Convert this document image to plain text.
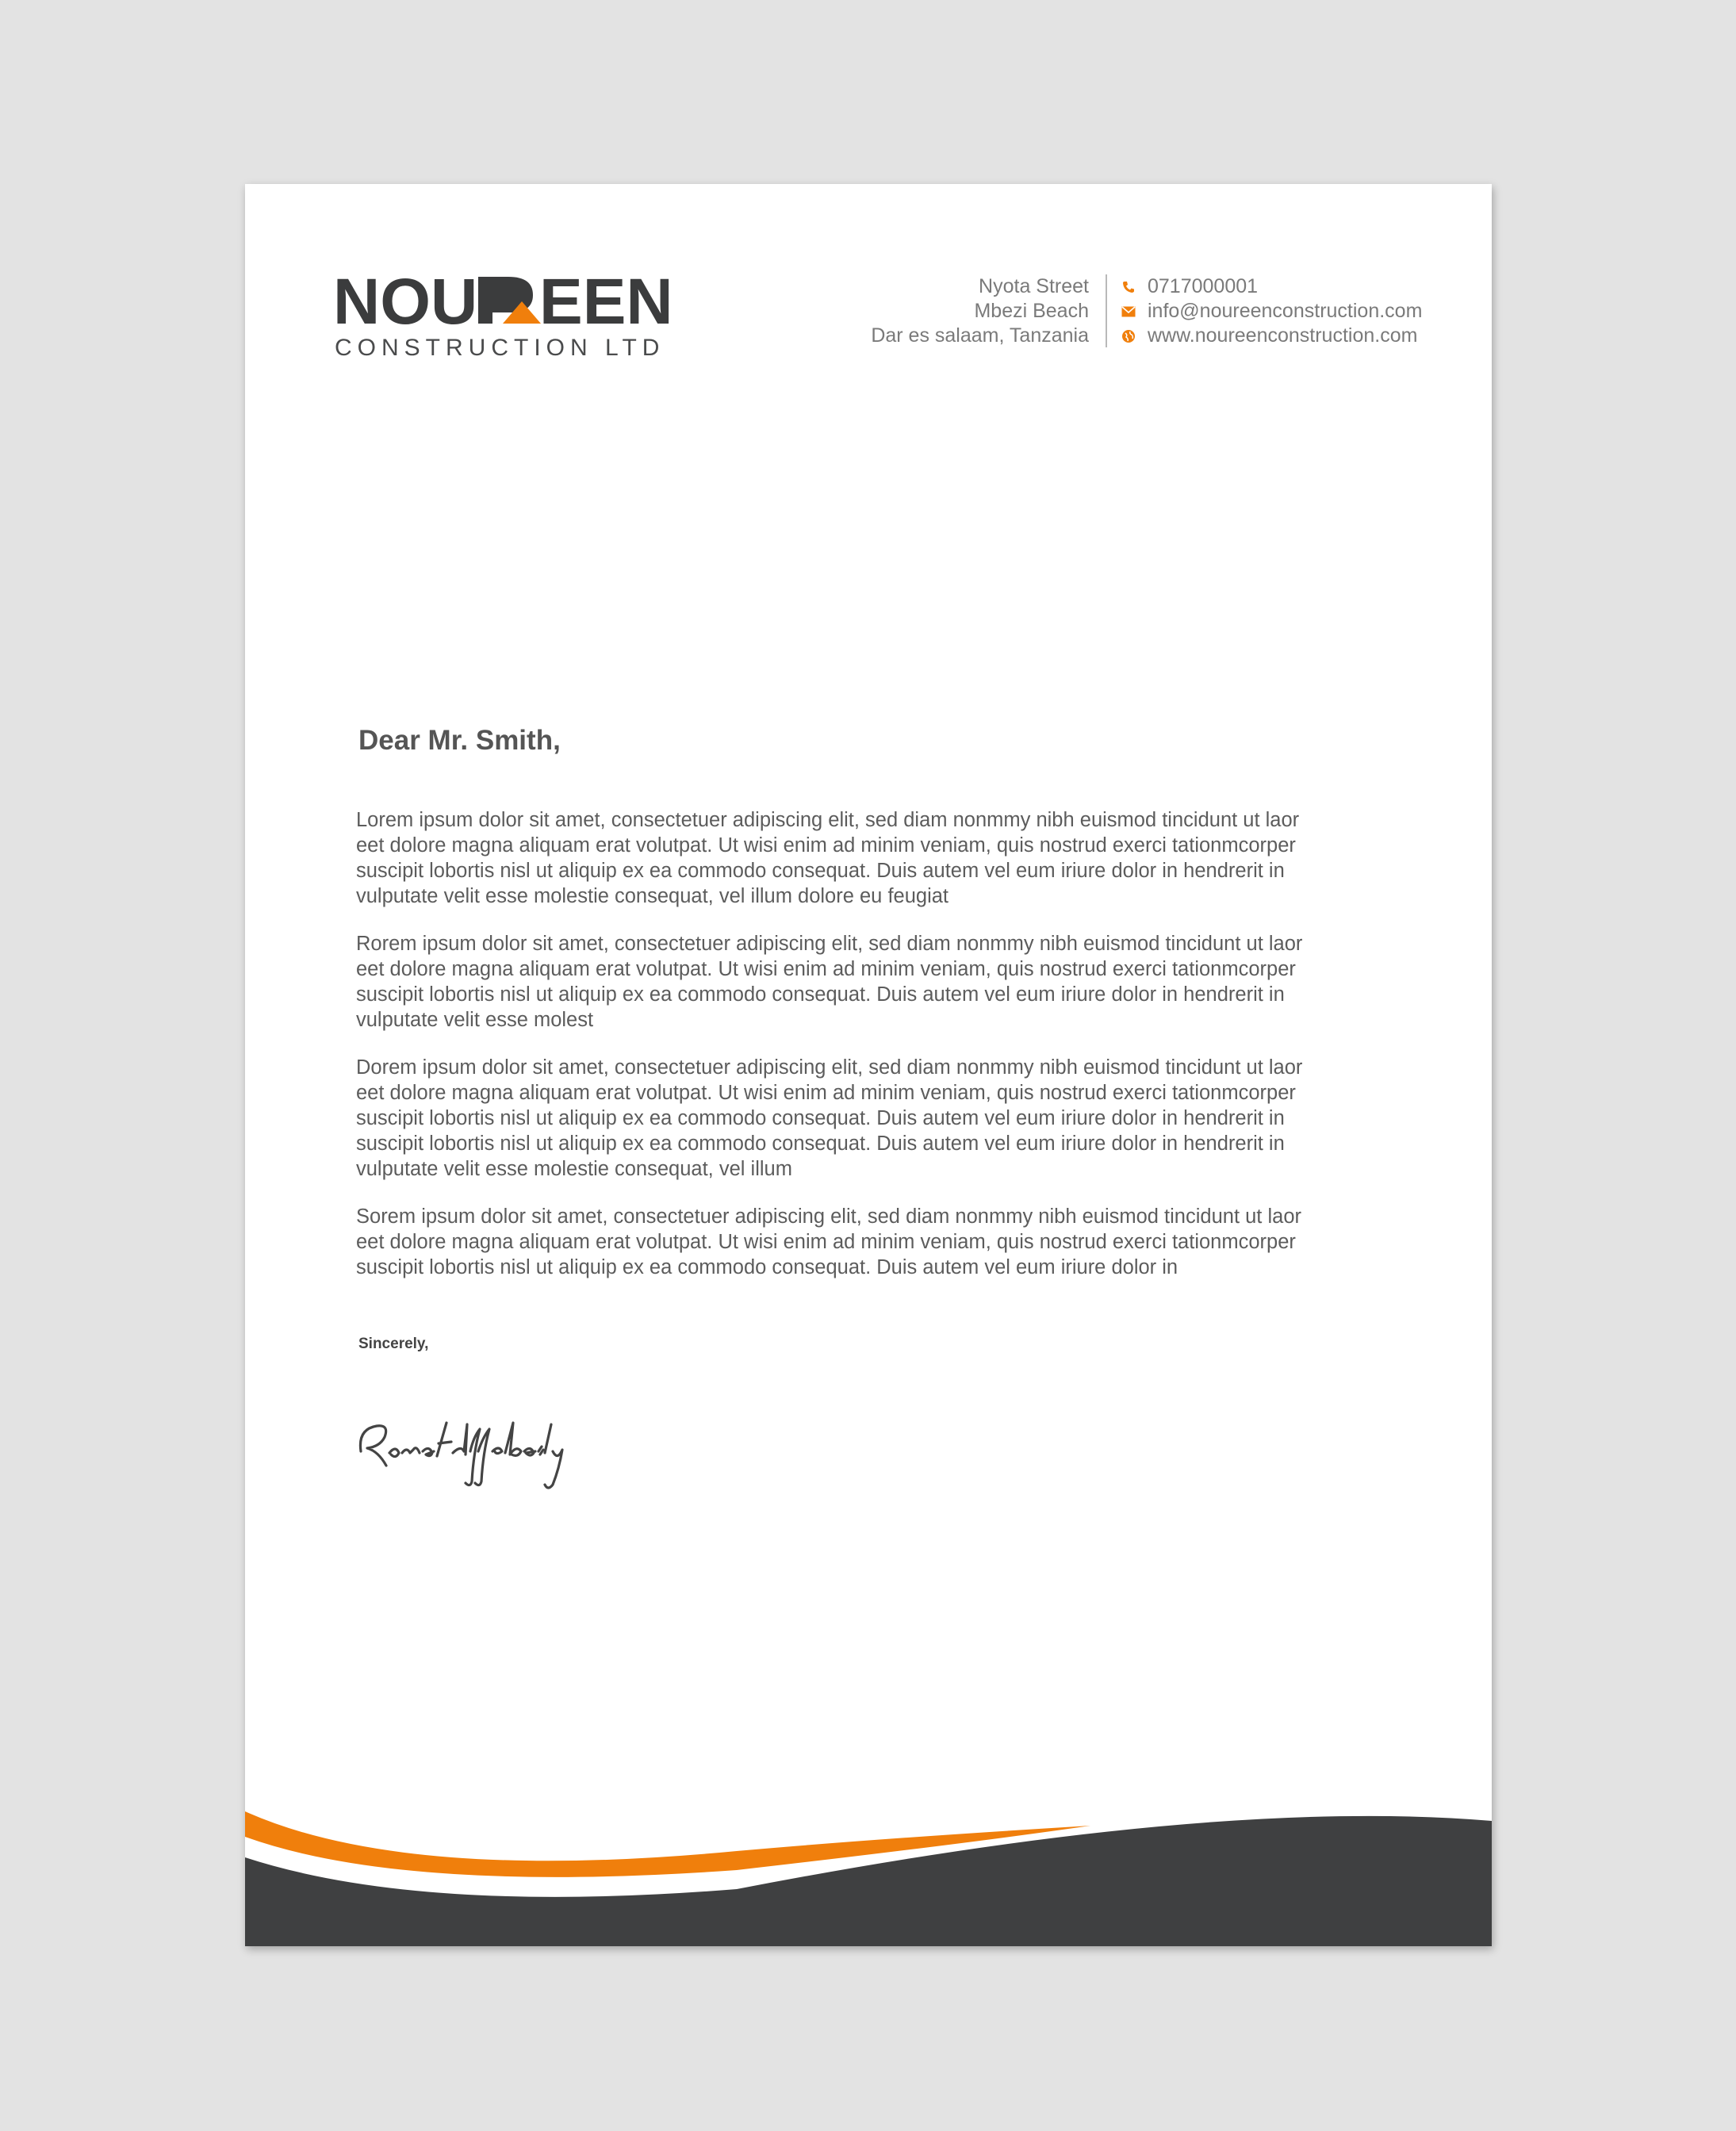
NOU EEN
CONSTRUCTION LTD
Nyota Street
Mbezi Beach
Dar es salaam, Tanzania
0717000001
info@noureenconstruction.com
www.noureenconstruction.com
Dear Mr. Smith,

Lorem ipsum dolor sit amet, consectetuer adipiscing elit, sed diam nonmmy nibh euismod tincidunt ut laor
eet dolore magna aliquam erat volutpat. Ut wisi enim ad minim veniam, quis nostrud exerci tationmcorper
suscipit lobortis nisl ut aliquip ex ea commodo consequat. Duis autem vel eum iriure dolor in hendrerit in
vulputate velit esse molestie consequat, vel illum dolore eu feugiat

Rorem ipsum dolor sit amet, consectetuer adipiscing elit, sed diam nonmmy nibh euismod tincidunt ut laor
eet dolore magna aliquam erat volutpat. Ut wisi enim ad minim veniam, quis nostrud exerci tationmcorper
suscipit lobortis nisl ut aliquip ex ea commodo consequat. Duis autem vel eum iriure dolor in hendrerit in
vulputate velit esse molest

Dorem ipsum dolor sit amet, consectetuer adipiscing elit, sed diam nonmmy nibh euismod tincidunt ut laor
eet dolore magna aliquam erat volutpat. Ut wisi enim ad minim veniam, quis nostrud exerci tationmcorper
suscipit lobortis nisl ut aliquip ex ea commodo consequat. Duis autem vel eum iriure dolor in hendrerit in
suscipit lobortis nisl ut aliquip ex ea commodo consequat. Duis autem vel eum iriure dolor in hendrerit in
vulputate velit esse molestie consequat, vel illum

Sorem ipsum dolor sit amet, consectetuer adipiscing elit, sed diam nonmmy nibh euismod tincidunt ut laor
eet dolore magna aliquam erat volutpat. Ut wisi enim ad minim veniam, quis nostrud exerci tationmcorper
suscipit lobortis nisl ut aliquip ex ea commodo consequat. Duis autem vel eum iriure dolor in

Sincerely,
